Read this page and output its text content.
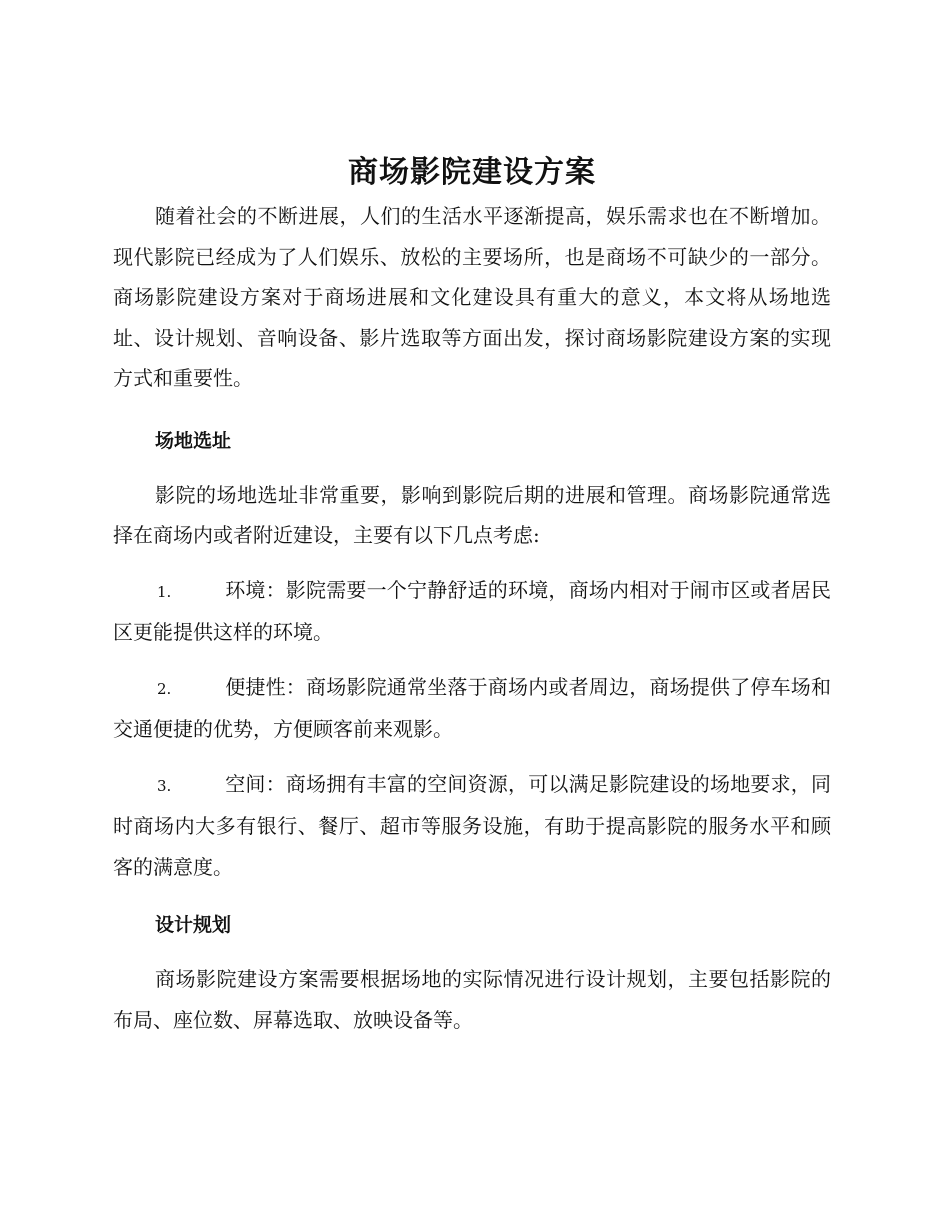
商场影院建设方案

随着社会的不断进展，人们的生活水平逐渐提高，娱乐需求也在不断增加。现代影院已经成为了人们娱乐、放松的主要场所，也是商场不可缺少的一部分。商场影院建设方案对于商场进展和文化建设具有重大的意义，本文将从场地选址、设计规划、音响设备、影片选取等方面出发，探讨商场影院建设方案的实现方式和重要性。

场地选址

影院的场地选址非常重要，影响到影院后期的进展和管理。商场影院通常选择在商场内或者附近建设，主要有以下几点考虑:

1.	环境：影院需要一个宁静舒适的环境，商场内相对于闹市区或者居民区更能提供这样的环境。
2.	便捷性：商场影院通常坐落于商场内或者周边，商场提供了停车场和交通便捷的优势，方便顾客前来观影。
3.	空间：商场拥有丰富的空间资源，可以满足影院建设的场地要求，同时商场内大多有银行、餐厅、超市等服务设施，有助于提高影院的服务水平和顾客的满意度。
设计规划

商场影院建设方案需要根据场地的实际情况进行设计规划，主要包括影院的布局、座位数、屏幕选取、放映设备等。
